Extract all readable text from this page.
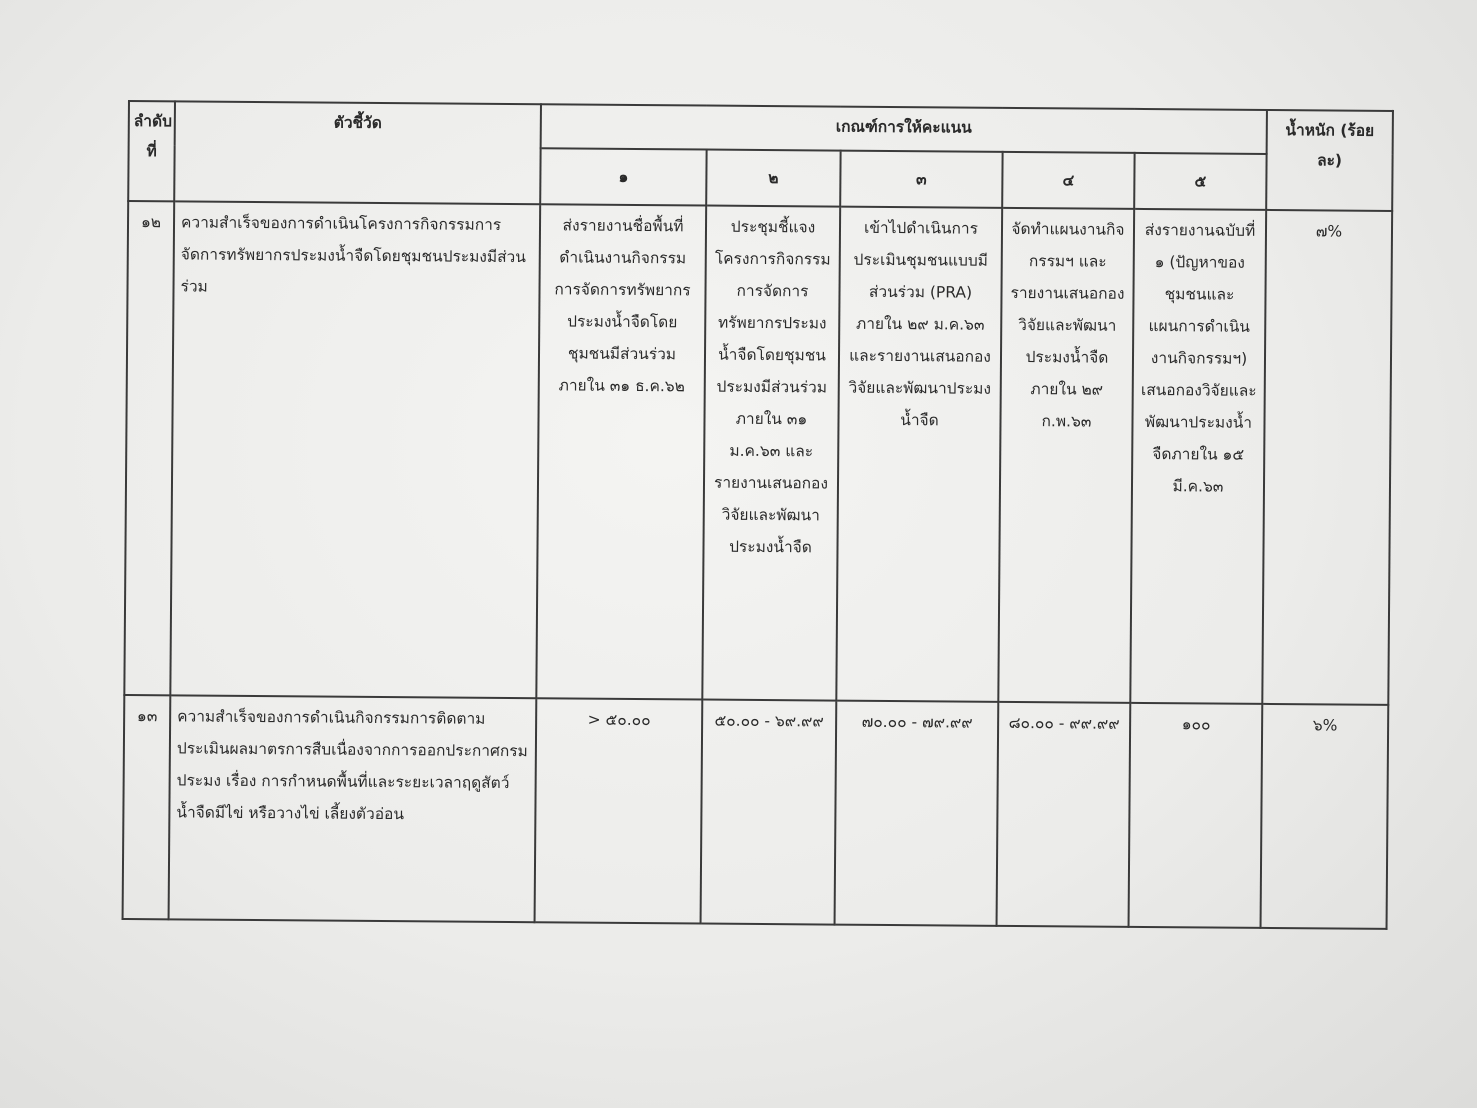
ลำดับที่	ตัวชี้วัด	เกณฑ์การให้คะแนน					น้ำหนัก (ร้อยละ)
		๑	๒	๓	๔	๕	
๑๒	ความสำเร็จของการดำเนินโครงการกิจกรรมการจัดการทรัพยากรประมงน้ำจืดโดยชุมชนประมงมีส่วนร่วม	ส่งรายงานชื่อพื้นที่ดำเนินงานกิจกรรมการจัดการทรัพยากรประมงน้ำจืดโดยชุมชนมีส่วนร่วม ภายใน ๓๑ ธ.ค.๖๒	ประชุมชี้แจงโครงการกิจกรรมการจัดการทรัพยากรประมงน้ำจืดโดยชุมชนประมงมีส่วนร่วมภายใน ๓๑ ม.ค.๖๓ และรายงานเสนอกองวิจัยและพัฒนาประมงน้ำจืด	เข้าไปดำเนินการประเมินชุมชนแบบมีส่วนร่วม (PRA) ภายใน ๒๙ ม.ค.๖๓ และรายงานเสนอกองวิจัยและพัฒนาประมงน้ำจืด	จัดทำแผนงานกิจกรรมฯ และรายงานเสนอกองวิจัยและพัฒนาประมงน้ำจืดภายใน ๒๙ ก.พ.๖๓	ส่งรายงานฉบับที่ ๑ (ปัญหาของชุมชนและแผนการดำเนินงานกิจกรรมฯ) เสนอกองวิจัยและพัฒนาประมงน้ำจืดภายใน ๑๕ มี.ค.๖๓	๗%
๑๓	ความสำเร็จของการดำเนินกิจกรรมการติดตามประเมินผลมาตรการสืบเนื่องจากการออกประกาศกรมประมง เรื่อง การกำหนดพื้นที่และระยะเวลาฤดูสัตว์น้ำจืดมีไข่ หรือวางไข่ เลี้ยงตัวอ่อน	> ๕๐.๐๐	๕๐.๐๐ - ๖๙.๙๙	๗๐.๐๐ - ๗๙.๙๙	๘๐.๐๐ - ๙๙.๙๙	๑๐๐	๖%
